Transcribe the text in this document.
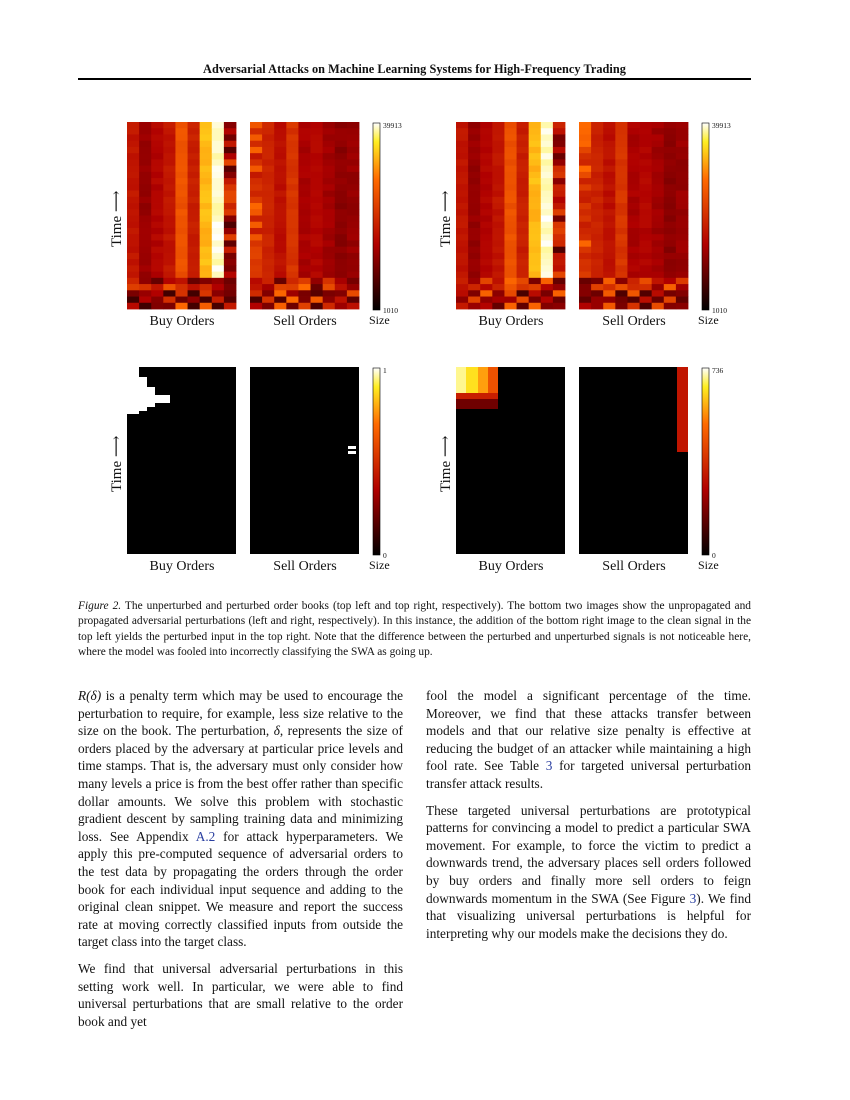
Adversarial Attacks on Machine Learning Systems for High-Frequency Trading
Time ⟶
Buy Orders	Sell Orders
39913
1010
Size
Time ⟶
Buy Orders	Sell Orders
39913
1010
Size
Time ⟶
Buy Orders	Sell Orders
1
0
Size
Time ⟶
Buy Orders	Sell Orders
736
0
Size
Figure 2. The unperturbed and perturbed order books (top left and top right, respectively). The bottom two images show the unpropagated and propagated adversarial perturbations (left and right, respectively). In this instance, the addition of the bottom right image to the clean signal in the top left yields the perturbed input in the top right. Note that the difference between the perturbed and unperturbed signals is not noticeable here, where the model was fooled into incorrectly classifying the SWA as going up.

R(δ) is a penalty term which may be used to encourage the perturbation to require, for example, less size relative to the size on the book. The perturbation, δ, represents the size of orders placed by the adversary at particular price levels and time stamps. That is, the adversary must only consider how many levels a price is from the best offer rather than specific dollar amounts. We solve this problem with stochastic gradient descent by sampling training data and minimizing loss. See Appendix A.2 for attack hyperparameters. We apply this pre-computed sequence of adversarial orders to the test data by propagating the orders through the order book for each individual input sequence and adding to the original clean snippet. We measure and report the success rate at moving correctly classified inputs from outside the target class into the target class.

We find that universal adversarial perturbations in this setting work well. In particular, we were able to find universal perturbations that are small relative to the order book and yet

fool the model a significant percentage of the time. Moreover, we find that these attacks transfer between models and that our relative size penalty is effective at reducing the budget of an attacker while maintaining a high fool rate. See Table 3 for targeted universal perturbation transfer attack results.

These targeted universal perturbations are prototypical patterns for convincing a model to predict a particular SWA movement. For example, to force the victim to predict a downwards trend, the adversary places sell orders followed by buy orders and finally more sell orders to feign downwards momentum in the SWA (See Figure 3). We find that visualizing universal perturbations is helpful for interpreting why our models make the decisions they do.
